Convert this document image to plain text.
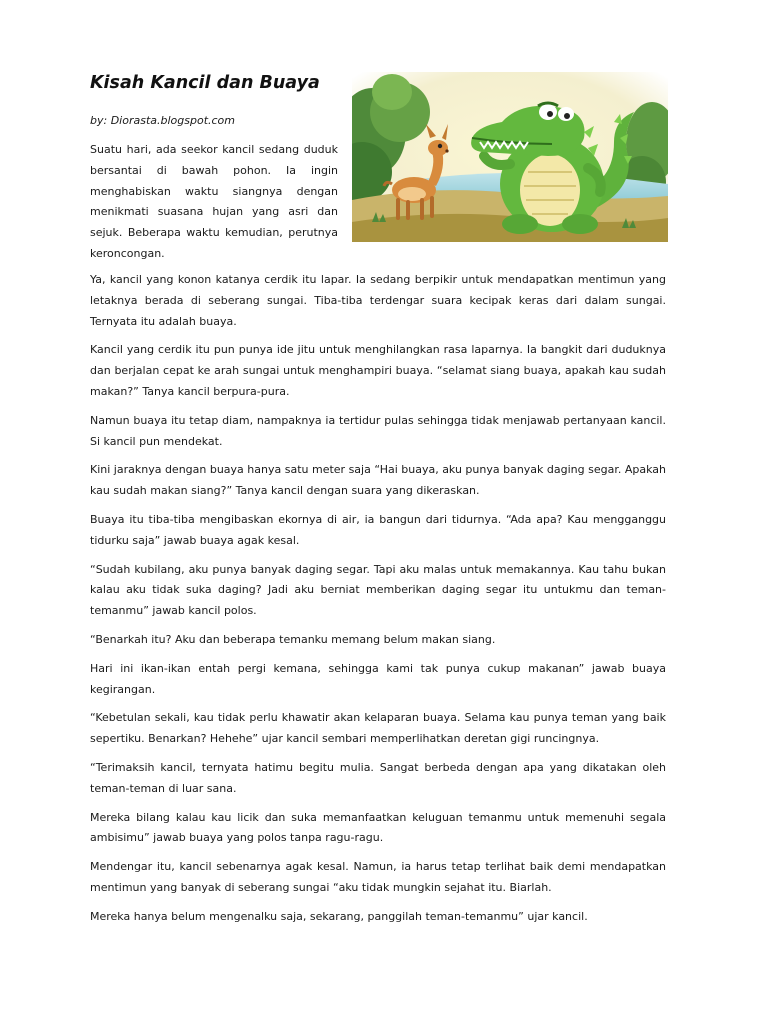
Kisah Kancil dan Buaya
by: Diorasta.blogspot.com

Suatu hari, ada seekor kancil sedang duduk bersantai di bawah pohon. Ia ingin menghabiskan waktu siangnya dengan menikmati suasana hujan yang asri dan sejuk. Beberapa waktu kemudian, perutnya keroncongan.

Ya, kancil yang konon katanya cerdik itu lapar. Ia sedang berpikir untuk mendapatkan mentimun yang letaknya berada di seberang sungai. Tiba-tiba terdengar suara kecipak keras dari dalam sungai. Ternyata itu adalah buaya.

Kancil yang cerdik itu pun punya ide jitu untuk menghilangkan rasa laparnya. Ia bangkit dari duduknya dan berjalan cepat ke arah sungai untuk menghampiri buaya. “selamat siang buaya, apakah kau sudah makan?” Tanya kancil berpura-pura.

Namun buaya itu tetap diam, nampaknya ia tertidur pulas sehingga tidak menjawab pertanyaan kancil. Si kancil pun mendekat.

Kini jaraknya dengan buaya hanya satu meter saja “Hai buaya, aku punya banyak daging segar. Apakah kau sudah makan siang?” Tanya kancil dengan suara yang dikeraskan.

Buaya itu tiba-tiba mengibaskan ekornya di air, ia bangun dari tidurnya. “Ada apa? Kau mengganggu tidurku saja” jawab buaya agak kesal.

“Sudah kubilang, aku punya banyak daging segar. Tapi aku malas untuk memakannya. Kau tahu bukan kalau aku tidak suka daging? Jadi aku berniat memberikan daging segar itu untukmu dan teman-temanmu” jawab kancil polos.

“Benarkah itu? Aku dan beberapa temanku memang belum makan siang.

Hari ini ikan-ikan entah pergi kemana, sehingga kami tak punya cukup makanan” jawab buaya kegirangan.

“Kebetulan sekali, kau tidak perlu khawatir akan kelaparan buaya. Selama kau punya teman yang baik sepertiku. Benarkan? Hehehe” ujar kancil sembari memperlihatkan deretan gigi runcingnya.

“Terimaksih kancil, ternyata hatimu begitu mulia. Sangat berbeda dengan apa yang dikatakan oleh teman-teman di luar sana.

Mereka bilang kalau kau licik dan suka memanfaatkan keluguan temanmu untuk memenuhi segala ambisimu” jawab buaya yang polos tanpa ragu-ragu.

Mendengar itu, kancil sebenarnya agak kesal. Namun, ia harus tetap terlihat baik demi mendapatkan mentimun yang banyak di seberang sungai “aku tidak mungkin sejahat itu. Biarlah.

Mereka hanya belum mengenalku saja, sekarang, panggilah teman-temanmu” ujar kancil.
